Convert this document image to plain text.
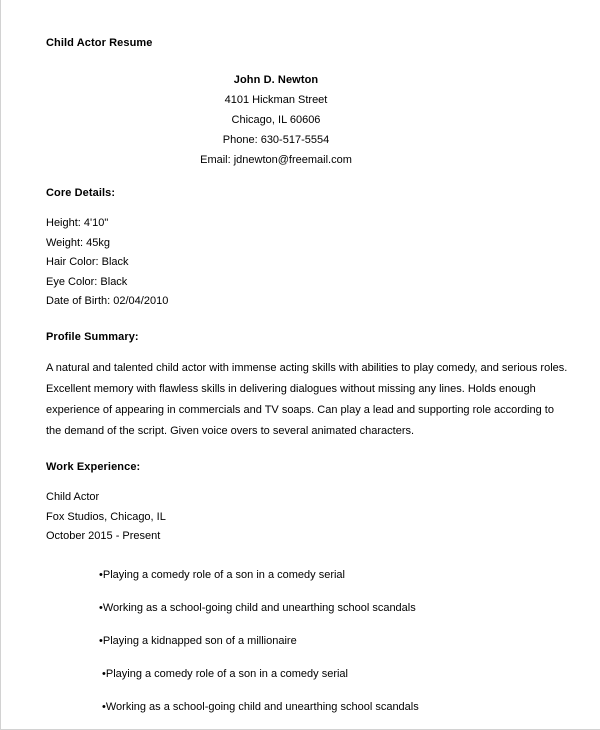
Child Actor Resume
John D. Newton
4101 Hickman Street
Chicago, IL 60606
Phone: 630-517-5554
Email: jdnewton@freemail.com
Core Details:
Height: 4'10"
Weight: 45kg
Hair Color: Black
Eye Color: Black
Date of Birth: 02/04/2010
Profile Summary:

A natural and talented child actor with immense acting skills with abilities to play comedy, and serious roles. Excellent memory with flawless skills in delivering dialogues without missing any lines. Holds enough experience of appearing in commercials and TV soaps. Can play a lead and supporting role according to the demand of the script. Given voice overs to several animated characters.

Work Experience:
Child Actor
Fox Studios, Chicago, IL
October 2015 - Present
•Playing a comedy role of a son in a comedy serial
•Working as a school-going child and unearthing school scandals
•Playing a kidnapped son of a millionaire
•Playing a comedy role of a son in a comedy serial
•Working as a school-going child and unearthing school scandals
